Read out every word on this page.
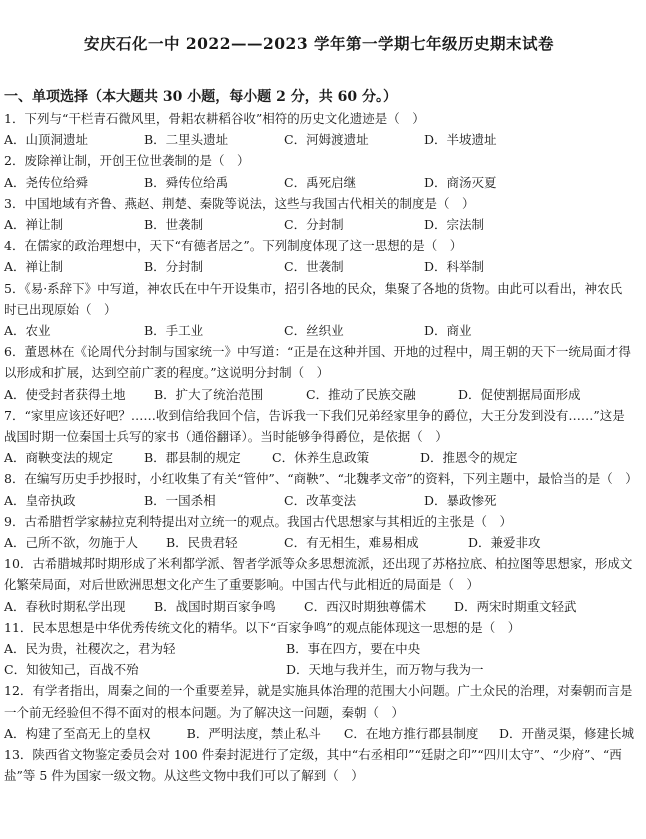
安庆石化一中 2022——2023 学年第一学期七年级历史期末试卷
一、单项选择（本大题共 30 小题，每小题 2 分，共 60 分。）
1．下列与“干栏青石微风里，骨耜农耕稻谷收”相符的历史文化遗迹是（　）
A．山顶洞遗址	B．二里头遗址	C．河姆渡遗址	D．半坡遗址
2．废除禅让制，开创王位世袭制的是（　）
A．尧传位给舜	B．舜传位给禹	C．禹死启继	D．商汤灭夏
3．中国地域有齐鲁、燕赵、荆楚、秦陇等说法，这些与我国古代相关的制度是（　）
A．禅让制	B．世袭制	C．分封制	D．宗法制
4．在儒家的政治理想中，天下“有德者居之”。下列制度体现了这一思想的是（　）
A．禅让制	B．分封制	C．世袭制	D．科举制
5．《易·系辞下》中写道，神农氏在中午开设集市，招引各地的民众，集聚了各地的货物。由此可以看出，神农氏时已出现原始（　）
A．农业	B．手工业	C．丝织业	D．商业
6．董恩林在《论周代分封制与国家统一》中写道：“正是在这种并国、开地的过程中，周王朝的天下一统局面才得以形成和扩展，达到空前广袤的程度。”这说明分封制（　）
A．使受封者获得土地	B．扩大了统治范围	C．推动了民族交融	D．促使割据局面形成
7．“家里应该还好吧？……收到信给我回个信，告诉我一下我们兄弟经家里争的爵位，大王分发到没有……”这是战国时期一位秦国士兵写的家书（通俗翻译）。当时能够争得爵位，是依据（　）
A．商鞅变法的规定	B．郡县制的规定	C．休养生息政策	D．推恩令的规定
8．在编写历史手抄报时，小红收集了有关“管仲”、“商鞅”、“北魏孝文帝”的资料，下列主题中，最恰当的是（　）
A．皇帝执政	B．一国杀相	C．改革变法	D．暴政惨死
9．古希腊哲学家赫拉克利特提出对立统一的观点。我国古代思想家与其相近的主张是（　）
A．己所不欲，勿施于人	B．民贵君轻	C．有无相生，难易相成	D．兼爱非攻
10．古希腊城邦时期形成了米利都学派、智者学派等众多思想流派，还出现了苏格拉底、柏拉图等思想家，形成文化繁荣局面，对后世欧洲思想文化产生了重要影响。中国古代与此相近的局面是（　）
A．春秋时期私学出现	B．战国时期百家争鸣	C．西汉时期独尊儒术	D．两宋时期重文轻武
11．民本思想是中华优秀传统文化的精华。以下“百家争鸣”的观点能体现这一思想的是（　）
A．民为贵，社稷次之，君为轻	B．事在四方，要在中央
C．知彼知己，百战不殆	D．天地与我并生，而万物与我为一
12．有学者指出，周秦之间的一个重要差异，就是实施具体治理的范围大小问题。广土众民的治理，对秦朝而言是一个前无经验但不得不面对的根本问题。为了解决这一问题，秦朝（　）
A．构建了至高无上的皇权	B．严明法度，禁止私斗	C．在地方推行郡县制度	D．开凿灵渠，修建长城
13．陕西省文物鉴定委员会对 100 件秦封泥进行了定级，其中“右丞相印”“廷尉之印”“四川太守”、“少府”、“西盐”等 5 件为国家一级文物。从这些文物中我们可以了解到（　）
